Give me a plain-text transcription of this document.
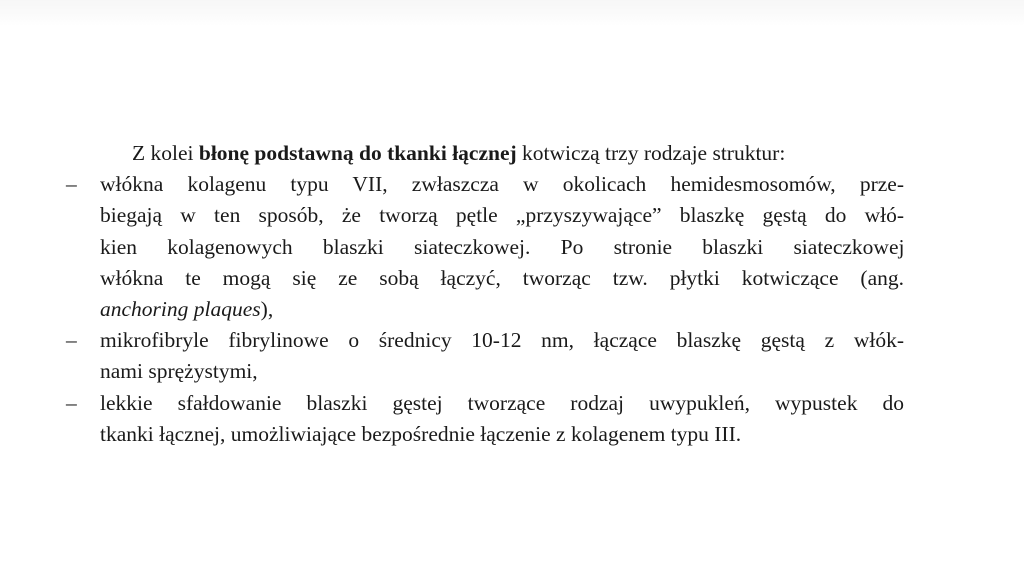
Z kolei błonę podstawną do tkanki łącznej kotwiczą trzy rodzaje struktur:

– włókna kolagenu typu VII, zwłaszcza w okolicach hemidesmosomów, prze-
biegają w ten sposób, że tworzą pętle „przyszywające” blaszkę gęstą do włó-
kien kolagenowych blaszki siateczkowej. Po stronie blaszki siateczkowej
włókna te mogą się ze sobą łączyć, tworząc tzw. płytki kotwiczące (ang.
anchoring plaques),
– mikrofibryle fibrylinowe o średnicy 10-12 nm, łączące blaszkę gęstą z włók-
nami sprężystymi,
– lekkie sfałdowanie blaszki gęstej tworzące rodzaj uwypukleń, wypustek do
tkanki łącznej, umożliwiające bezpośrednie łączenie z kolagenem typu III.
